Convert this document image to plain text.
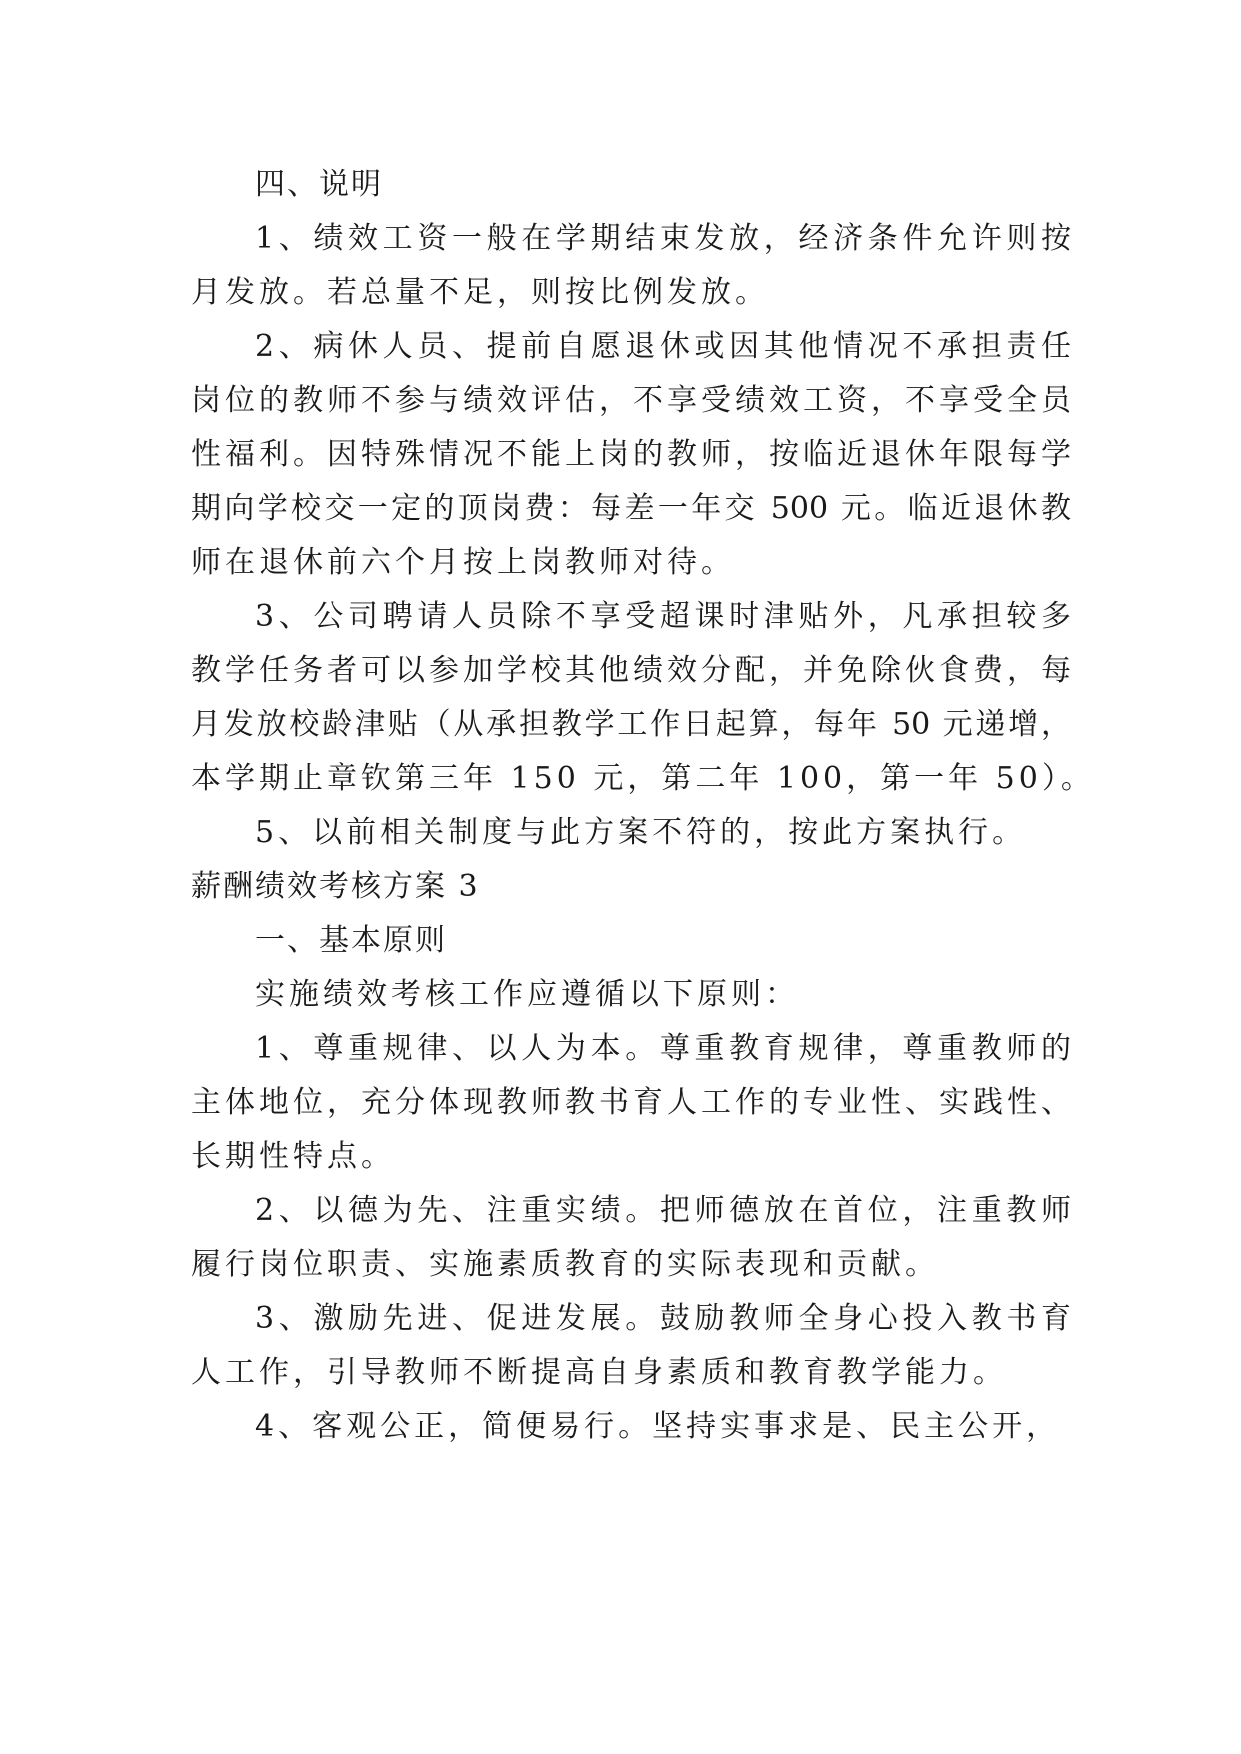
四、说明
1、绩效工资一般在学期结束发放，经济条件允许则按
月发放。若总量不足，则按比例发放。
2、病休人员、提前自愿退休或因其他情况不承担责任
岗位的教师不参与绩效评估，不享受绩效工资，不享受全员
性福利。因特殊情况不能上岗的教师，按临近退休年限每学
期向学校交一定的顶岗费：每差一年交 500 元。临近退休教
师在退休前六个月按上岗教师对待。
3、公司聘请人员除不享受超课时津贴外，凡承担较多
教学任务者可以参加学校其他绩效分配，并免除伙食费，每
月发放校龄津贴（从承担教学工作日起算，每年 50 元递增，
本学期止章钦第三年 150 元，第二年 100，第一年 50）。
5、以前相关制度与此方案不符的，按此方案执行。
薪酬绩效考核方案 3
一、基本原则
实施绩效考核工作应遵循以下原则：
1、尊重规律、以人为本。尊重教育规律，尊重教师的
主体地位，充分体现教师教书育人工作的专业性、实践性、
长期性特点。
2、以德为先、注重实绩。把师德放在首位，注重教师
履行岗位职责、实施素质教育的实际表现和贡献。
3、激励先进、促进发展。鼓励教师全身心投入教书育
人工作，引导教师不断提高自身素质和教育教学能力。
4、客观公正，简便易行。坚持实事求是、民主公开，
